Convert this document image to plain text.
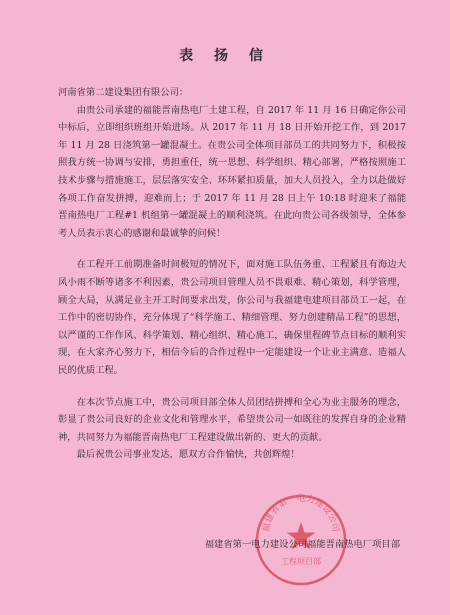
表 扬 信

河南省第二建设集团有限公司：

由贵公司承建的福能晋南热电厂土建工程，自 2017 年 11 月 16 日确定你公司中标后，立即组织班组开始进场。从 2017 年 11 月 18 日开始开挖工作，到 2017 年 11 月 28 日浇筑第一罐混凝土。在贵公司全体项目部员工的共同努力下，积极按照我方统一协调与安排，勇担重任，统一思想、科学组织、精心部署，严格按照施工技术步骤与措施施工，层层落实安全、环环紧扣质量，加大人员投入，全力以赴做好各项工作奋发拼搏，迎难而上；于 2017 年 11 月 28 日上午 10:18 时迎来了福能晋南热电厂工程#1 机组第一罐混凝土的顺利浇筑。在此向贵公司各级领导，全体参考人员表示衷心的感谢和最诚挚的问候！

在工程开工前期准备时间极短的情况下，面对施工队伍务重、工程紧且有海边大风小雨不断等诸多不利因素，贵公司项目管理人员不畏艰难、精心策划，科学管理，顾全大局，从满足业主开工时间要求出发，你公司与我福建电建项目部员工一起，在工作中的密切协作，充分体现了“科学施工、精细管理、努力创建精品工程”的思想，以严谨的工作作风、科学策划、精心组织、精心施工，确保里程碑节点目标的顺利实现，在大家齐心努力下，相信今后的合作过程中一定能建设一个让业主满意、造福人民的优质工程。

在本次节点施工中，贵公司项目部全体人员团结拼搏和全心为业主服务的理念，彰显了贵公司良好的企业文化和管理水平，希望贵公司一如既往的发挥自身的企业精神，共同努力为福能晋南热电厂工程建设做出新的、更大的贡献。

最后祝贵公司事业发达，愿双方合作愉快，共创辉煌！

福建省第一电力建设公司
工程项目部
福建省第一电力建设公司福能晋南热电厂项目部
